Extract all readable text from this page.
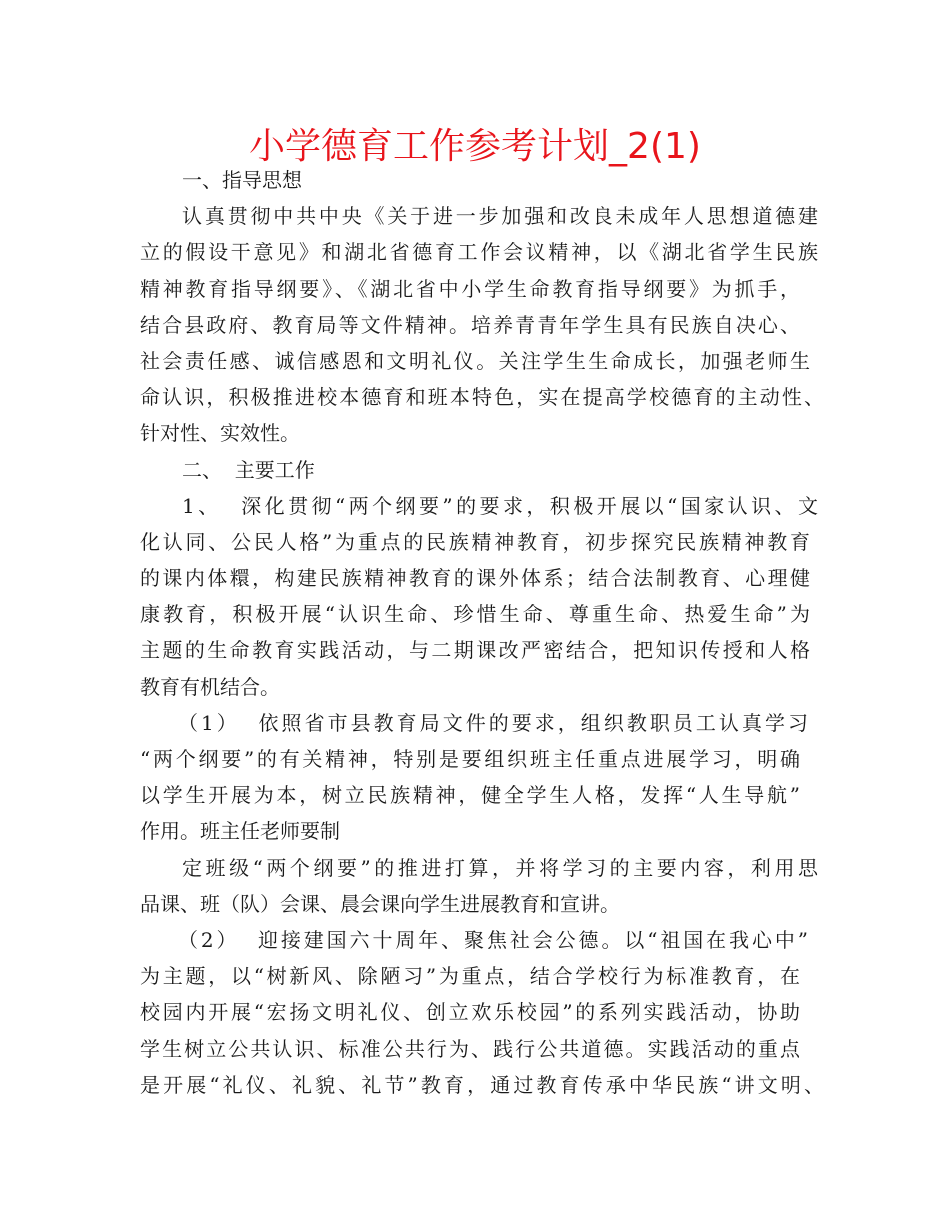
小学德育工作参考计划_2(1)
一、指导思想
认真贯彻中共中央《关于进一步加强和改良未成年人思想道德建
立的假设干意见》和湖北省德育工作会议精神，以《湖北省学生民族
精神教育指导纲要》、《湖北省中小学生命教育指导纲要》为抓手，
结合县政府、教育局等文件精神。培养青青年学生具有民族自决心、
社会责任感、诚信感恩和文明礼仪。关注学生生命成长，加强老师生
命认识，积极推进校本德育和班本特色，实在提高学校德育的主动性、
针对性、实效性。
二、  主要工作
1、  深化贯彻“两个纲要”的要求，积极开展以“国家认识、文
化认同、公民人格”为重点的民族精神教育，初步探究民族精神教育
的课内体糫，构建民族精神教育的课外体系；结合法制教育、心理健
康教育，积极开展“认识生命、珍惜生命、尊重生命、热爱生命”为
主题的生命教育实践活动，与二期课改严密结合，把知识传授和人格
教育有机结合。
（1）  依照省市县教育局文件的要求，组织教职员工认真学习
“两个纲要”的有关精神，特别是要组织班主任重点进展学习，明确
以学生开展为本，树立民族精神，健全学生人格，发挥“人生导航”
作用。班主任老师要制
定班级“两个纲要”的推进打算，并将学习的主要内容，利用思
品课、班（队）会课、晨会课向学生进展教育和宣讲。
（2）  迎接建国六十周年、聚焦社会公德。以“祖国在我心中”
为主题，以“树新风、除陋习”为重点，结合学校行为标准教育，在
校园内开展“宏扬文明礼仪、创立欢乐校园”的系列实践活动，协助
学生树立公共认识、标准公共行为、践行公共道德。实践活动的重点
是开展“礼仪、礼貌、礼节”教育，通过教育传承中华民族“讲文明、
